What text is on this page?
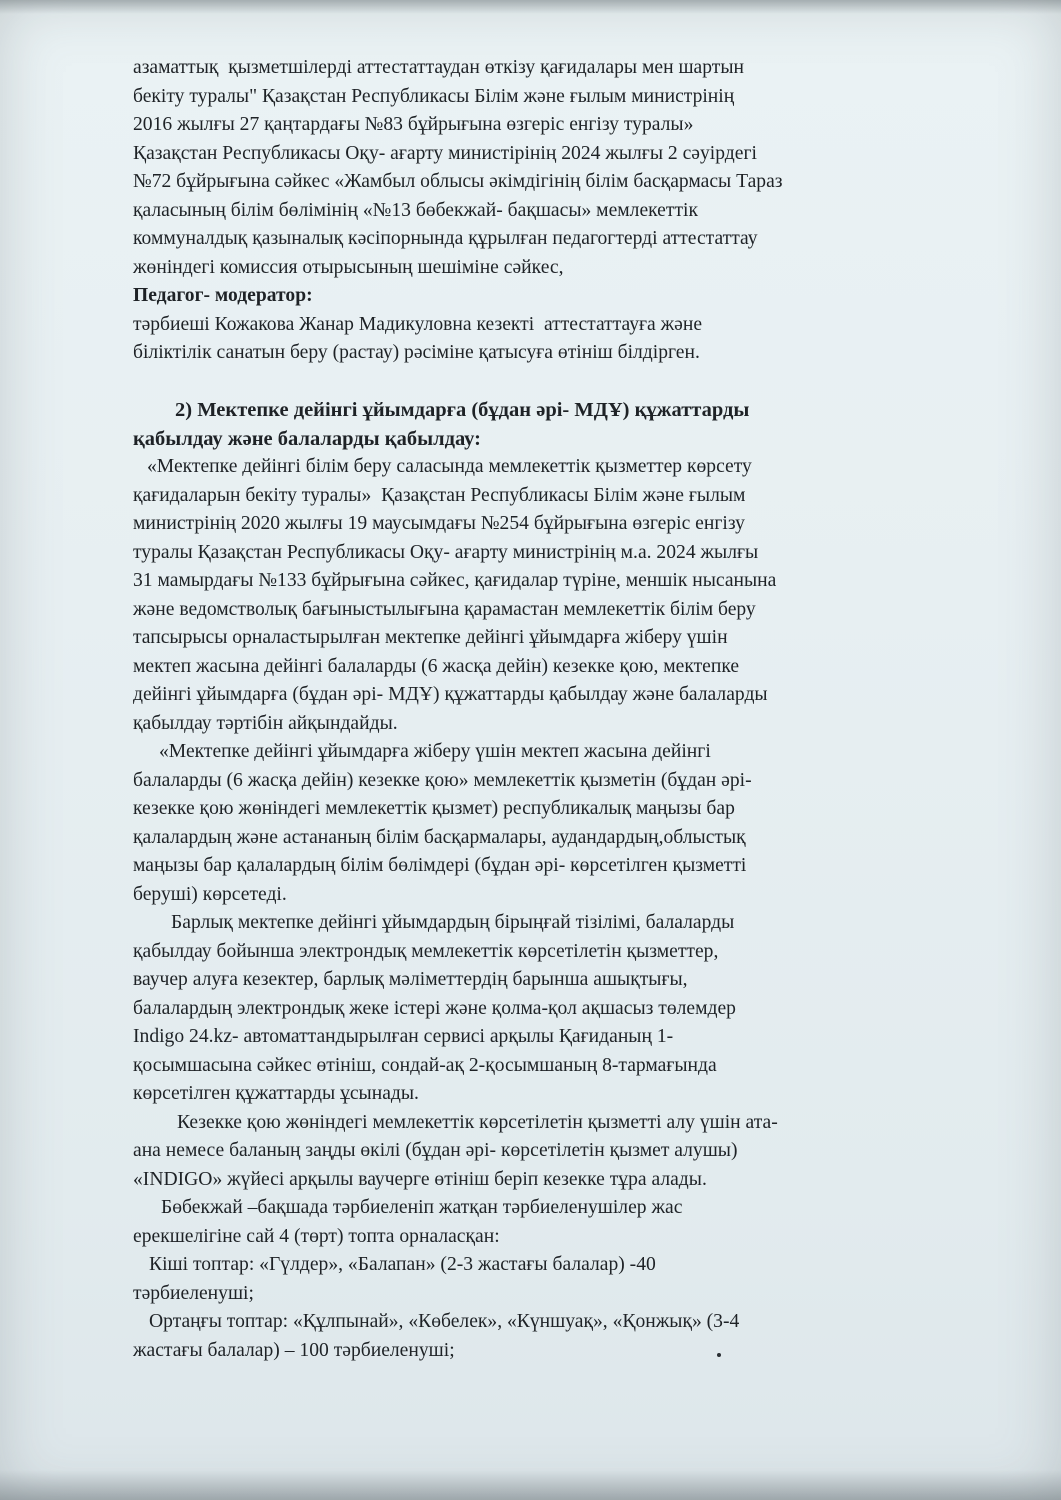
азаматтық  қызметшілерді аттестаттаудан өткізу қағидалары мен шартын
бекіту туралы" Қазақстан Республикасы Білім және ғылым министрінің
2016 жылғы 27 қаңтардағы №83 бұйрығына өзгеріс енгізу туралы»
Қазақстан Республикасы Оқу- ағарту министірінің 2024 жылғы 2 сәуірдегі
№72 бұйрығына сәйкес «Жамбыл облысы әкімдігінің білім басқармасы Тараз
қаласының білім бөлімінің «№13 бөбекжай- бақшасы» мемлекеттік
коммуналдық қазыналық кәсіпорнында құрылған педагогтерді аттестаттау
жөніндегі комиссия отырысының шешіміне сәйкес,
Педагог- модератор:
тәрбиеші Кожакова Жанар Мадикуловна кезекті  аттестаттауға және
біліктілік санатын беру (растау) рәсіміне қатысуға өтініш білдірген.
2) Мектепке дейінгі ұйымдарға (бұдан әрі- МДҰ) құжаттарды
қабылдау және балаларды қабылдау:
«Мектепке дейінгі білім беру саласында мемлекеттік қызметтер көрсету
қағидаларын бекіту туралы»  Қазақстан Республикасы Білім және ғылым
министрінің 2020 жылғы 19 маусымдағы №254 бұйрығына өзгеріс енгізу
туралы Қазақстан Республикасы Оқу- ағарту министрінің м.а. 2024 жылғы
31 мамырдағы №133 бұйрығына сәйкес, қағидалар түріне, меншік нысанына
және ведомстволық бағыныстылығына қарамастан мемлекеттік білім беру
тапсырысы орналастырылған мектепке дейінгі ұйымдарға жіберу үшін
мектеп жасына дейінгі балаларды (6 жасқа дейін) кезекке қою, мектепке
дейінгі ұйымдарға (бұдан әрі- МДҰ) құжаттарды қабылдау және балаларды
қабылдау тәртібін айқындайды.
«Мектепке дейінгі ұйымдарға жіберу үшін мектеп жасына дейінгі
балаларды (6 жасқа дейін) кезекке қою» мемлекеттік қызметін (бұдан әрі-
кезекке қою жөніндегі мемлекеттік қызмет) республикалық маңызы бар
қалалардың және астананың білім басқармалары, аудандардың,облыстық
маңызы бар қалалардың білім бөлімдері (бұдан әрі- көрсетілген қызметті
беруші) көрсетеді.
Барлық мектепке дейінгі ұйымдардың бірыңғай тізілімі, балаларды
қабылдау бойынша электрондық мемлекеттік көрсетілетін қызметтер,
ваучер алуға кезектер, барлық мәліметтердің барынша ашықтығы,
балалардың электрондық жеке істері және қолма-қол ақшасыз төлемдер
Indigo 24.kz- автоматтандырылған сервисі арқылы Қағиданың 1-
қосымшасына сәйкес өтініш, сондай-ақ 2-қосымшаның 8-тармағында
көрсетілген құжаттарды ұсынады.
Кезекке қою жөніндегі мемлекеттік көрсетілетін қызметті алу үшін ата-
ана немесе баланың заңды өкілі (бұдан әрі- көрсетілетін қызмет алушы)
«INDIGO» жүйесі арқылы ваучерге өтініш беріп кезекке тұра алады.
Бөбекжай –бақшада тәрбиеленіп жатқан тәрбиеленушілер жас
ерекшелігіне сай 4 (төрт) топта орналасқан:
Кіші топтар: «Гүлдер», «Балапан» (2-3 жастағы балалар) -40
тәрбиеленуші;
Ортаңғы топтар: «Құлпынай», «Көбелек», «Күншуақ», «Қонжық» (3-4
жастағы балалар) – 100 тәрбиеленуші;
